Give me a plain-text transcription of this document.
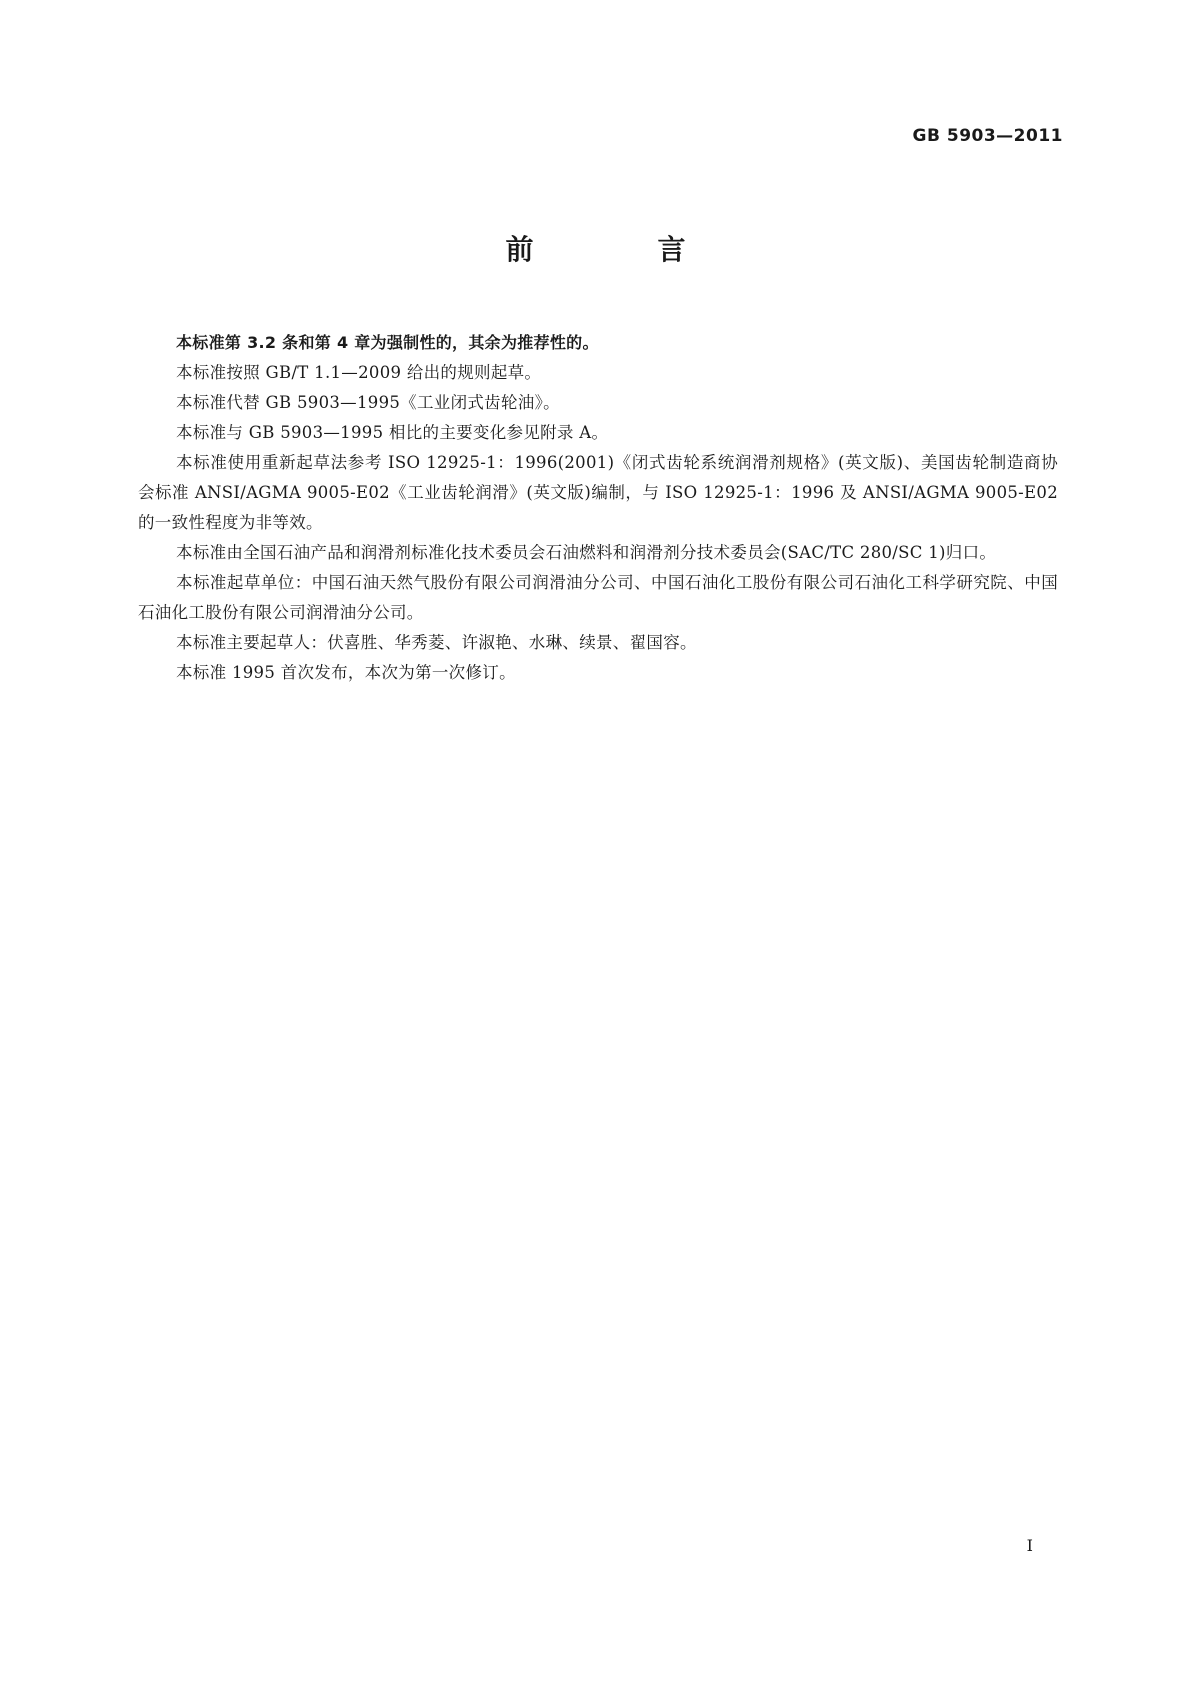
GB 5903—2011
前　言

本标准第 3.2 条和第 4 章为强制性的，其余为推荐性的。

本标准按照 GB/T 1.1—2009 给出的规则起草。

本标准代替 GB 5903—1995《工业闭式齿轮油》。

本标准与 GB 5903—1995 相比的主要变化参见附录 A。

本标准使用重新起草法参考 ISO 12925-1：1996(2001)《闭式齿轮系统润滑剂规格》(英文版)、美国齿轮制造商协会标准 ANSI/AGMA 9005-E02《工业齿轮润滑》(英文版)编制，与 ISO 12925-1：1996 及 ANSI/AGMA 9005-E02 的一致性程度为非等效。

本标准由全国石油产品和润滑剂标准化技术委员会石油燃料和润滑剂分技术委员会(SAC/TC 280/SC 1)归口。

本标准起草单位：中国石油天然气股份有限公司润滑油分公司、中国石油化工股份有限公司石油化工科学研究院、中国石油化工股份有限公司润滑油分公司。

本标准主要起草人：伏喜胜、华秀菱、许淑艳、水琳、续景、翟国容。

本标准 1995 首次发布，本次为第一次修订。

I
